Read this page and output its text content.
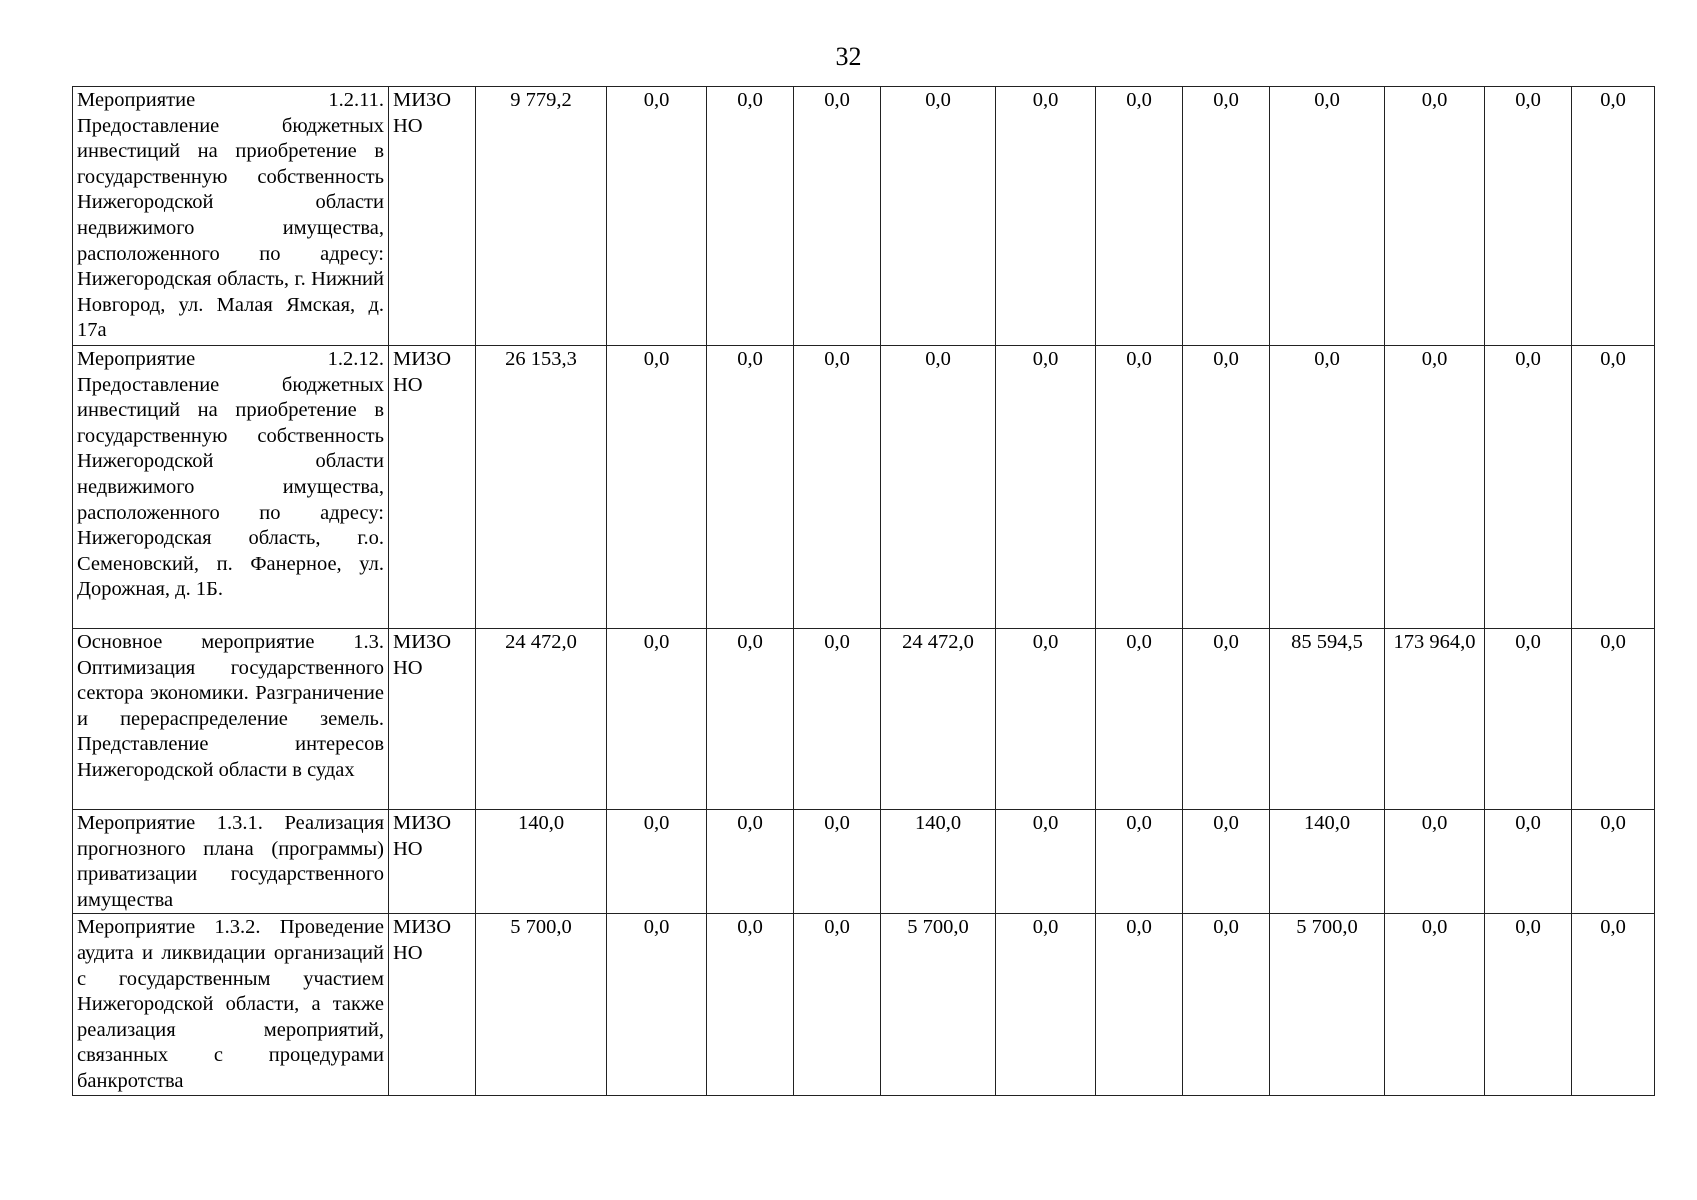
32
Мероприятие 1.2.11. Предоставление бюджетных инвестиций на приобретение в государственную собственность Нижегородской области недвижимого имущества, расположенного по адресу: Нижегородская область, г. Нижний Новгород, ул. Малая Ямская, д. 17а	МИЗО НО	9 779,2	0,0	0,0	0,0	0,0	0,0	0,0	0,0	0,0	0,0	0,0	0,0
Мероприятие 1.2.12. Предоставление бюджетных инвестиций на приобретение в государственную собственность Нижегородской области недвижимого имущества, расположенного по адресу: Нижегородская область, г.о. Семеновский, п. Фанерное, ул. Дорожная, д. 1Б.	МИЗО НО	26 153,3	0,0	0,0	0,0	0,0	0,0	0,0	0,0	0,0	0,0	0,0	0,0
Основное мероприятие 1.3. Оптимизация государственного сектора экономики. Разграничение и перераспределение земель. Представление интересов Нижегородской области в судах	МИЗО НО	24 472,0	0,0	0,0	0,0	24 472,0	0,0	0,0	0,0	85 594,5	173 964,0	0,0	0,0
Мероприятие 1.3.1. Реализация прогнозного плана (программы) приватизации государственного имущества	МИЗО НО	140,0	0,0	0,0	0,0	140,0	0,0	0,0	0,0	140,0	0,0	0,0	0,0
Мероприятие 1.3.2. Проведение аудита и ликвидации организаций с государственным участием Нижегородской области, а также реализация мероприятий, связанных с процедурами банкротства	МИЗО НО	5 700,0	0,0	0,0	0,0	5 700,0	0,0	0,0	0,0	5 700,0	0,0	0,0	0,0
